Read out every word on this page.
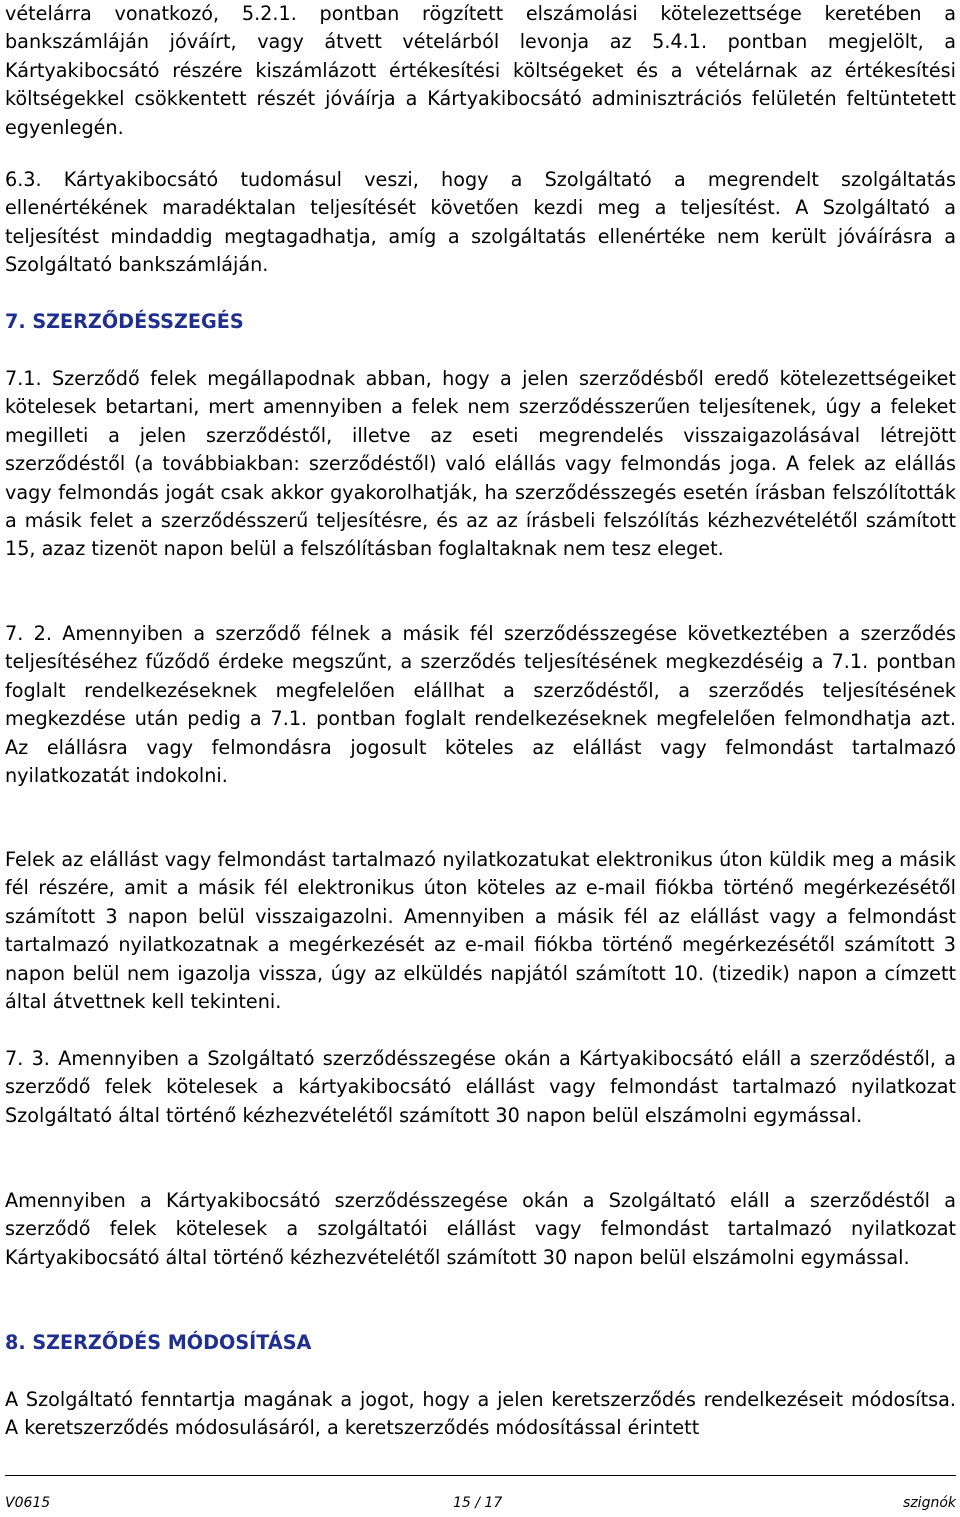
vételárra vonatkozó, 5.2.1. pontban rögzített elszámolási kötelezettsége keretében a bankszámláján jóváírt, vagy átvett vételárból levonja az 5.4.1. pontban megjelölt, a Kártyakibocsátó részére kiszámlázott értékesítési költségeket és a vételárnak az értékesítési költségekkel csökkentett részét jóváírja a Kártyakibocsátó adminisztrációs felületén feltüntetett egyenlegén.

6.3. Kártyakibocsátó tudomásul veszi, hogy a Szolgáltató a megrendelt szolgáltatás ellenértékének maradéktalan teljesítését követően kezdi meg a teljesítést. A Szolgáltató a teljesítést mindaddig megtagadhatja, amíg a szolgáltatás ellenértéke nem került jóváírásra a Szolgáltató bankszámláján.

7. SZERZŐDÉSSZEGÉS

7.1. Szerződő felek megállapodnak abban, hogy a jelen szerződésből eredő kötelezettségeiket kötelesek betartani, mert amennyiben a felek nem szerződésszerűen teljesítenek, úgy a feleket megilleti a jelen szerződéstől, illetve az eseti megrendelés visszaigazolásával létrejött szerződéstől (a továbbiakban: szerződéstől) való elállás vagy felmondás joga. A felek az elállás vagy felmondás jogát csak akkor gyakorolhatják, ha szerződésszegés esetén írásban felszólították a másik felet a szerződésszerű teljesítésre, és az az írásbeli felszólítás kézhezvételétől számított 15, azaz tizenöt napon belül a felszólításban foglaltaknak nem tesz eleget.

7. 2. Amennyiben a szerződő félnek a másik fél szerződésszegése következtében a szerződés teljesítéséhez fűződő érdeke megszűnt, a szerződés teljesítésének megkezdéséig a 7.1. pontban foglalt rendelkezéseknek megfelelően elállhat a szerződéstől, a szerződés teljesítésének megkezdése után pedig a 7.1. pontban foglalt rendelkezéseknek megfelelően felmondhatja azt. Az elállásra vagy felmondásra jogosult köteles az elállást vagy felmondást tartalmazó nyilatkozatát indokolni.

Felek az elállást vagy felmondást tartalmazó nyilatkozatukat elektronikus úton küldik meg a másik fél részére, amit a másik fél elektronikus úton köteles az e-mail fiókba történő megérkezésétől számított 3 napon belül visszaigazolni. Amennyiben a másik fél az elállást vagy a felmondást tartalmazó nyilatkozatnak a megérkezését az e-mail fiókba történő megérkezésétől számított 3 napon belül nem igazolja vissza, úgy az elküldés napjától számított 10. (tizedik) napon a címzett által átvettnek kell tekinteni.

7. 3. Amennyiben a Szolgáltató szerződésszegése okán a Kártyakibocsátó eláll a szerződéstől, a szerződő felek kötelesek a kártyakibocsátó elállást vagy felmondást tartalmazó nyilatkozat Szolgáltató által történő kézhezvételétől számított 30 napon belül elszámolni egymással.

Amennyiben a Kártyakibocsátó szerződésszegése okán a Szolgáltató eláll a szerződéstől a szerződő felek kötelesek a szolgáltatói elállást vagy felmondást tartalmazó nyilatkozat Kártyakibocsátó által történő kézhezvételétől számított 30 napon belül elszámolni egymással.

8. SZERZŐDÉS MÓDOSÍTÁSA

A Szolgáltató fenntartja magának a jogot, hogy a jelen keretszerződés rendelkezéseit módosítsa. A keretszerződés módosulásáról, a keretszerződés módosítással érintett

V0615	15 / 17	szignók
